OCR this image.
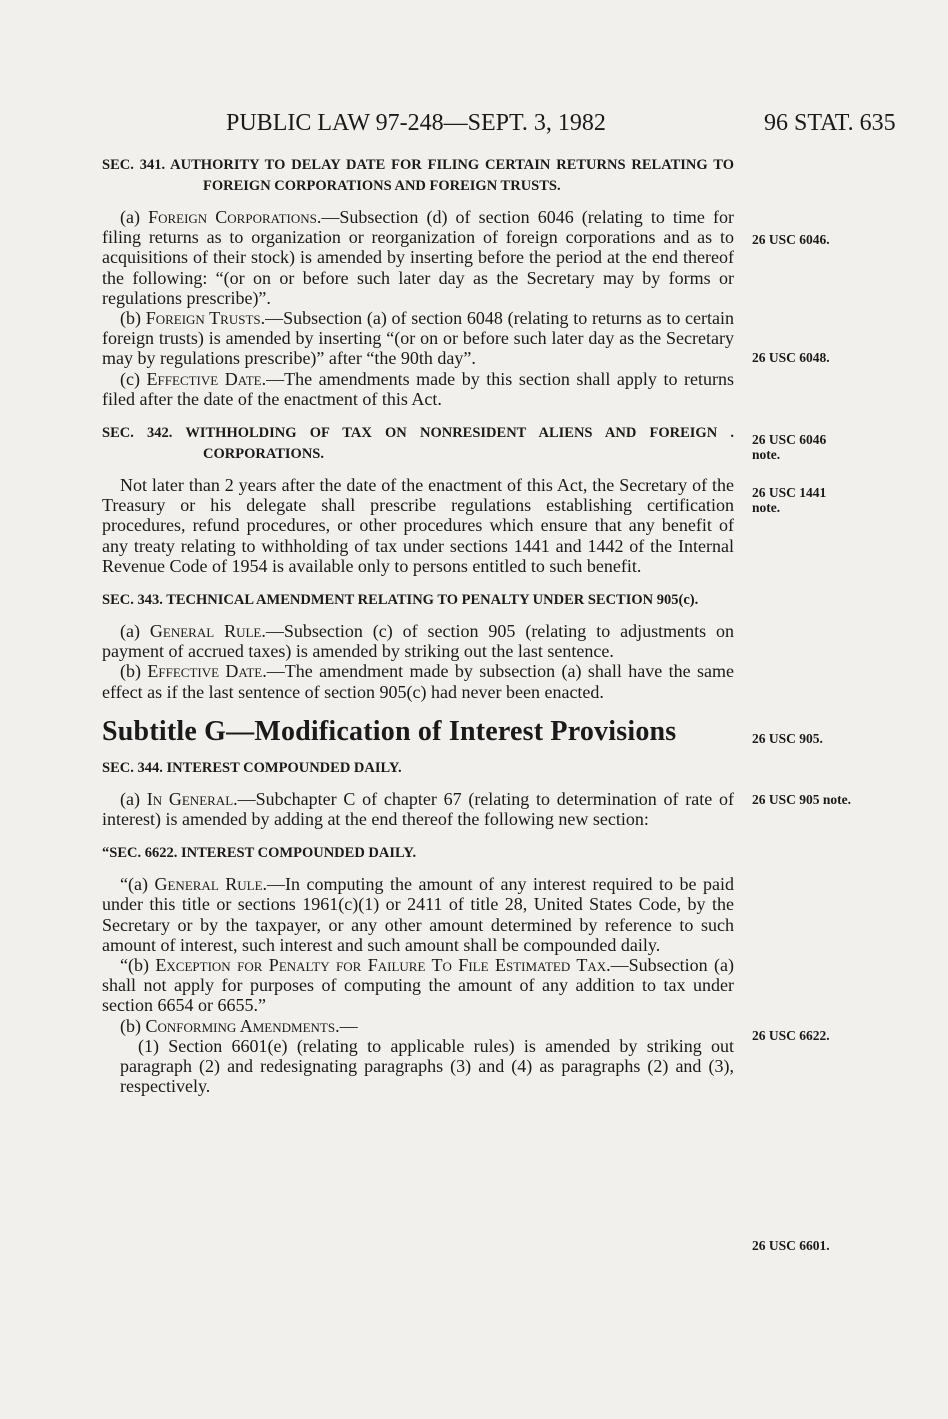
PUBLIC LAW 97-248—SEPT. 3, 1982	96 STAT. 635
SEC. 341. AUTHORITY TO DELAY DATE FOR FILING CERTAIN RETURNS RELATING TO FOREIGN CORPORATIONS AND FOREIGN TRUSTS.

(a) Foreign Corporations.—Subsection (d) of section 6046 (relating to time for filing returns as to organization or reorganization of foreign corporations and as to acquisitions of their stock) is amended by inserting before the period at the end thereof the following: “(or on or before such later day as the Secretary may by forms or regulations prescribe)”.

(b) Foreign Trusts.—Subsection (a) of section 6048 (relating to returns as to certain foreign trusts) is amended by inserting “(or on or before such later day as the Secretary may by regulations prescribe)” after “the 90th day”.

(c) Effective Date.—The amendments made by this section shall apply to returns filed after the date of the enactment of this Act.

SEC. 342. WITHHOLDING OF TAX ON NONRESIDENT ALIENS AND FOREIGN . CORPORATIONS.

Not later than 2 years after the date of the enactment of this Act, the Secretary of the Treasury or his delegate shall prescribe regulations establishing certification procedures, refund procedures, or other procedures which ensure that any benefit of any treaty relating to withholding of tax under sections 1441 and 1442 of the Internal Revenue Code of 1954 is available only to persons entitled to such benefit.

SEC. 343. TECHNICAL AMENDMENT RELATING TO PENALTY UNDER SECTION 905(c).

(a) General Rule.—Subsection (c) of section 905 (relating to adjustments on payment of accrued taxes) is amended by striking out the last sentence.

(b) Effective Date.—The amendment made by subsection (a) shall have the same effect as if the last sentence of section 905(c) had never been enacted.

Subtitle G—Modification of Interest Provisions
SEC. 344. INTEREST COMPOUNDED DAILY.

(a) In General.—Subchapter C of chapter 67 (relating to determination of rate of interest) is amended by adding at the end thereof the following new section:

“SEC. 6622. INTEREST COMPOUNDED DAILY.

“(a) General Rule.—In computing the amount of any interest required to be paid under this title or sections 1961(c)(1) or 2411 of title 28, United States Code, by the Secretary or by the taxpayer, or any other amount determined by reference to such amount of interest, such interest and such amount shall be compounded daily.

“(b) Exception for Penalty for Failure To File Estimated Tax.—Subsection (a) shall not apply for purposes of computing the amount of any addition to tax under section 6654 or 6655.”

(b) Conforming Amendments.—

(1) Section 6601(e) (relating to applicable rules) is amended by striking out paragraph (2) and redesignating paragraphs (3) and (4) as paragraphs (2) and (3), respectively.

26 USC 6046.
26 USC 6048.
26 USC 6046
note.
26 USC 1441
note.
26 USC 905.
26 USC 905 note.
26 USC 6622.
26 USC 6601.
